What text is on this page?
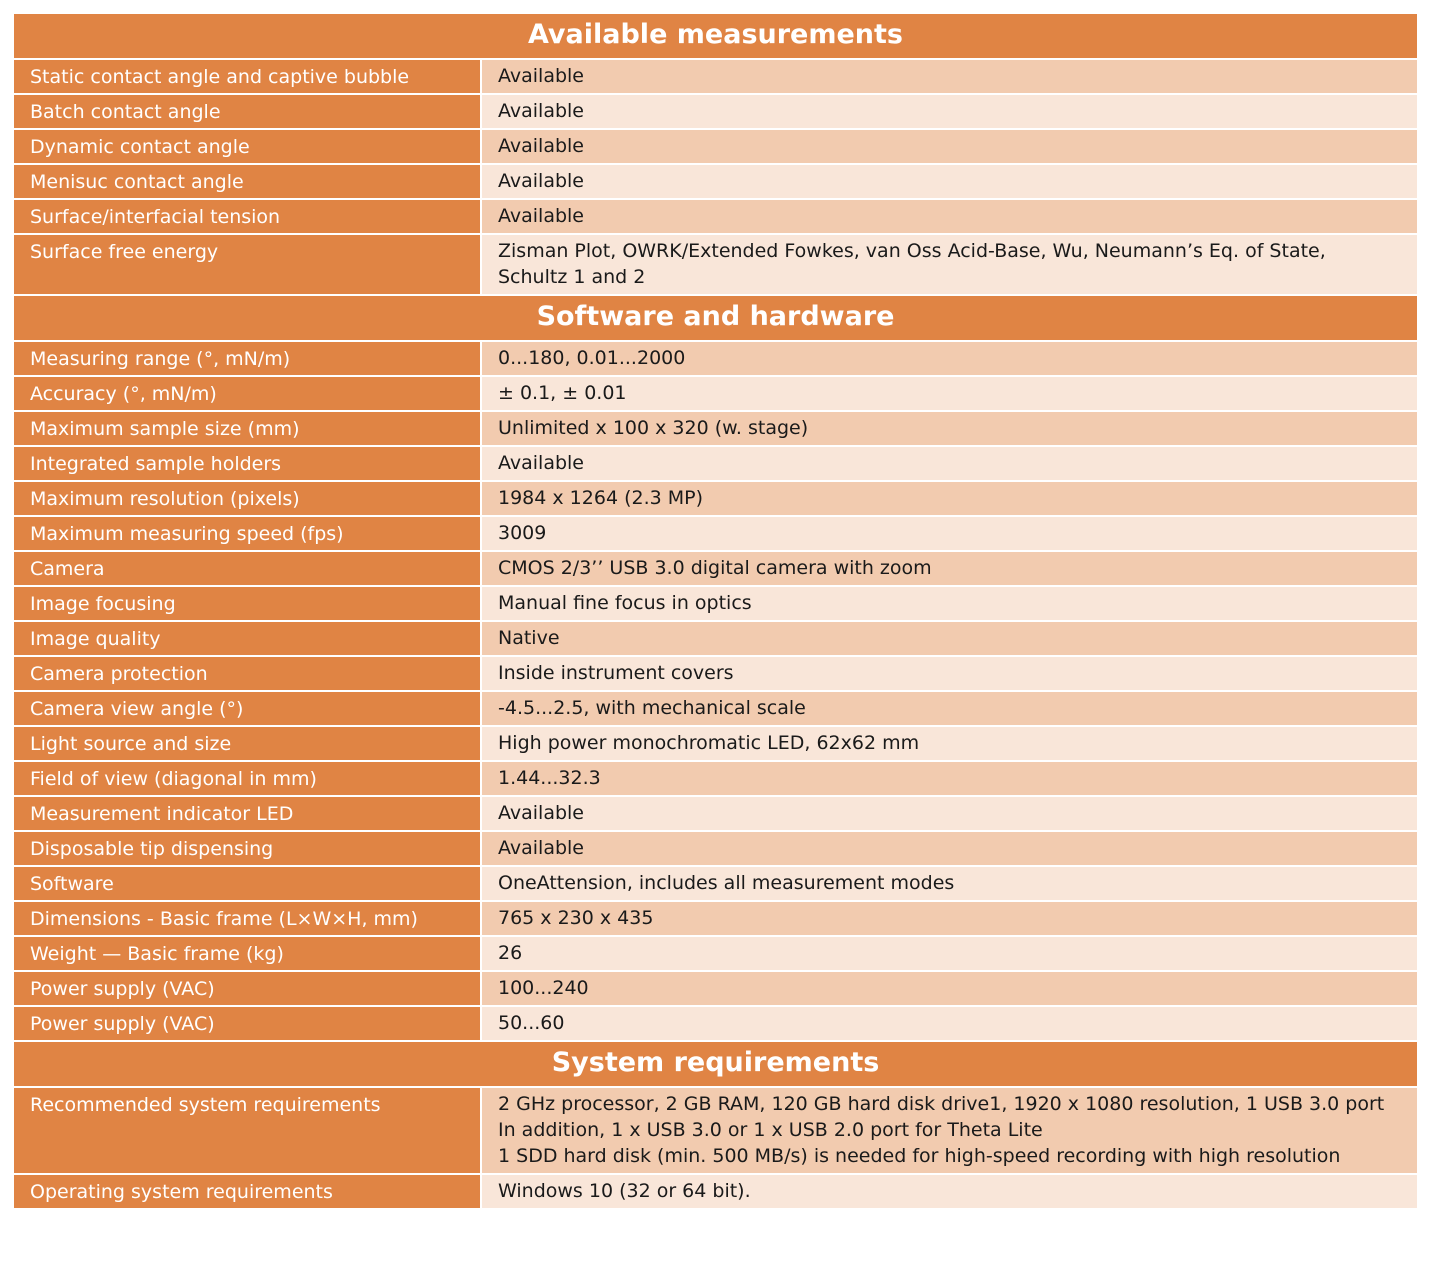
Available measurements	
Static contact angle and captive bubble	Available

Batch contact angle	Available

Dynamic contact angle	Available

Menisuc contact angle	Available

Surface/interfacial tension	Available

Surface free energy	Zisman Plot, OWRK/Extended Fowkes, van Oss Acid-Base, Wu, Neumann’s Eq. of State,
Schultz 1 and 2

Software and hardware	
Measuring range (°, mN/m)	0...180, 0.01...2000

Accuracy (°, mN/m)	± 0.1, ± 0.01

Maximum sample size (mm)	Unlimited x 100 x 320 (w. stage)

Integrated sample holders	Available

Maximum resolution (pixels)	1984 x 1264 (2.3 MP)

Maximum measuring speed (fps)	3009

Camera	CMOS 2/3’’ USB 3.0 digital camera with zoom

Image focusing	Manual fine focus in optics

Image quality	Native

Camera protection	Inside instrument covers

Camera view angle (°)	-4.5...2.5, with mechanical scale

Light source and size	High power monochromatic LED, 62x62 mm

Field of view (diagonal in mm)	1.44...32.3

Measurement indicator LED	Available

Disposable tip dispensing	Available

Software	OneAttension, includes all measurement modes

Dimensions - Basic frame (L×W×H, mm)	765 x 230 x 435

Weight — Basic frame (kg)	26

Power supply (VAC)	100...240

Power supply (VAC)	50...60

System requirements	
Recommended system requirements	2 GHz processor, 2 GB RAM, 120 GB hard disk drive1, 1920 x 1080 resolution, 1 USB 3.0 port
In addition, 1 x USB 3.0 or 1 x USB 2.0 port for Theta Lite
1 SDD hard disk (min. 500 MB/s) is needed for high-speed recording with high resolution

Operating system requirements	Windows 10 (32 or 64 bit).
